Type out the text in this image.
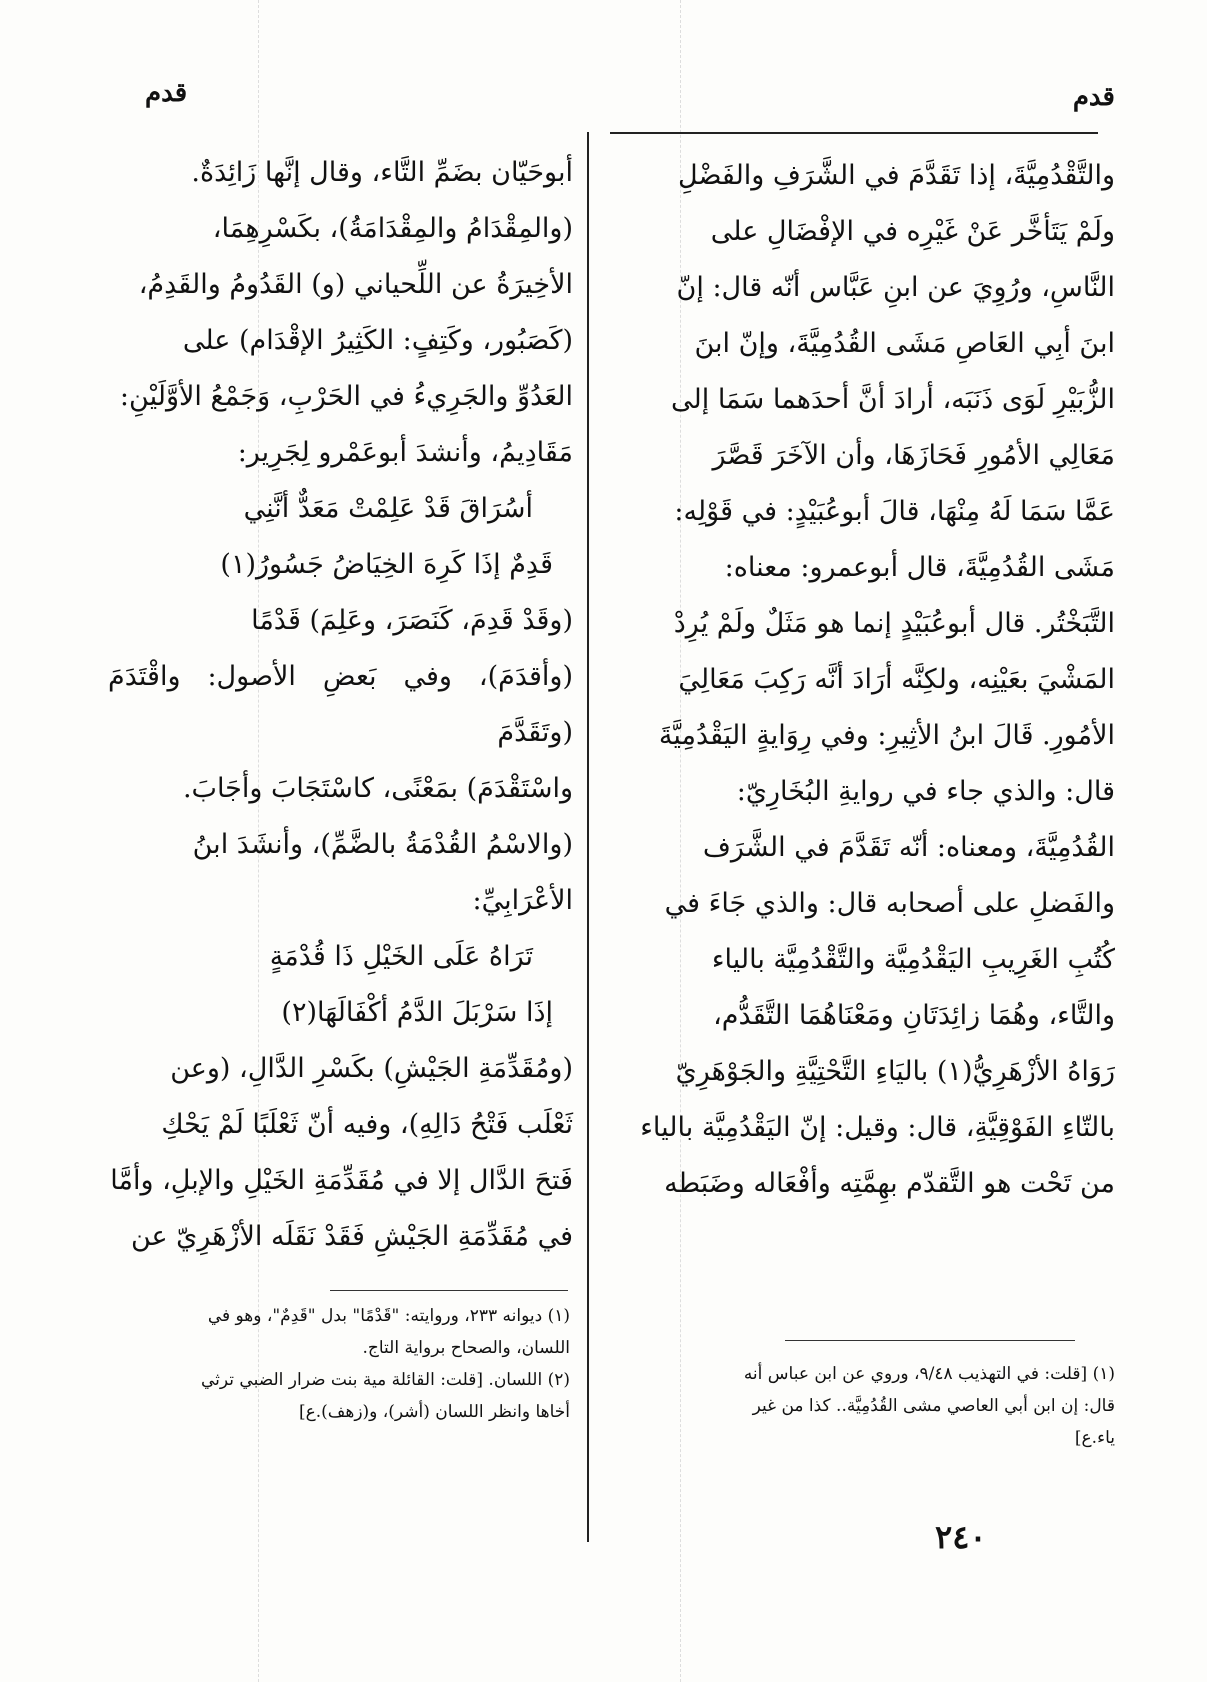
قدم
قدم

والتَّقْدُمِيَّةَ، إذا تَقَدَّمَ في الشَّرَفِ والفَضْلِ

ولَمْ يَتَأخَّر عَنْ غَيْرِه في الإفْضَالِ على

النَّاسِ، ورُوِيَ عن ابنِ عَبَّاس أنّه قال: إنّ

ابنَ أبِي العَاصِ مَشَى القُدُمِيَّةَ، وإنّ ابنَ

الزُّبَيْرِ لَوَى ذَنَبَه، أرادَ أنَّ أحدَهما سَمَا إلى

مَعَالِي الأمُورِ فَحَازَهَا، وأن الآخَرَ قَصَّرَ

عَمَّا سَمَا لَهُ مِنْهَا، قالَ أبوعُبَيْدٍ: في قَوْلِه:

مَشَى القُدُمِيَّةَ، قال أبوعمرو: معناه:

التَّبَخْتُر. قال أبوعُبَيْدٍ إنما هو مَثَلٌ ولَمْ يُرِدْ

المَشْيَ بعَيْنِه، ولكِنَّه أرَادَ أنَّه رَكِبَ مَعَالِيَ

الأمُورِ. قَالَ ابنُ الأثِيرِ: وفي رِوَايةٍ اليَقْدُمِيَّةَ

قال: والذي جاء في روايةِ البُخَارِيّ:

القُدُمِيَّةَ، ومعناه: أنّه تَقَدَّمَ في الشَّرَف

والفَضلِ على أصحابه قال: والذي جَاءَ في

كُتُبِ الغَرِيبِ اليَقْدُمِيَّة والتَّقْدُمِيَّة بالياء

والتَّاء، وهُمَا زائِدَتَانِ ومَعْنَاهُمَا التَّقَدُّم،

رَوَاهُ الأزْهَرِيُّ(١) باليَاءِ التَّحْتِيَّةِ والجَوْهَرِيّ

بالتّاءِ الفَوْقِيَّةِ، قال: وقيل: إنّ اليَقْدُمِيَّة بالياء

من تَحْت هو التَّقدّم بهِمَّتِه وأفْعَاله وضَبَطه

أبوحَيّان بضَمِّ التَّاء، وقال إنَّها زَائِدَةٌ.

(والمِقْدَامُ والمِقْدَامَةُ)، بكَسْرِهِمَا،

الأخِيرَةُ عن اللِّحياني (و) القَدُومُ والقَدِمُ،

(كَصَبُور، وكَتِفٍ: الكَثِيرُ الإقْدَام) على

العَدُوِّ والجَرِيءُ في الحَرْبِ، وَجَمْعُ الأوَّلَيْنِ:

مَقَادِيمُ، وأنشدَ أبوعَمْرو لِجَرِير:

أسُرَاقَ قَدْ عَلِمْتْ مَعَدٌّ أنَّنِي

قَدِمٌ إذَا كَرِهَ الخِيَاضُ جَسُورُ(١)

(وقَدْ قَدِمَ، كَنَصَرَ، وعَلِمَ) قَدْمًا

(وأقدَمَ)، وفي بَعضِ الأصول: واقْتَدَمَ (وتَقَدَّمَ

واسْتَقْدَمَ) بمَعْنًى، كاسْتَجَابَ وأجَابَ.

(والاسْمُ القُدْمَةُ بالضَّمِّ)، وأنشَدَ ابنُ

الأعْرَابِيِّ:

تَرَاهُ عَلَى الخَيْلِ ذَا قُدْمَةٍ

إذَا سَرْبَلَ الدَّمُ أكْفَالَهَا(٢)

(ومُقَدِّمَةِ الجَيْشِ) بكَسْرِ الدَّالِ، (وعن

ثَعْلَب فَتْحُ دَالِهِ)، وفيه أنّ ثَعْلَبًا لَمْ يَحْكِ

فَتحَ الدَّال إلا في مُقَدِّمَةِ الخَيْلِ والإبلِ، وأمَّا

في مُقَدِّمَةِ الجَيْشِ فَقَدْ نَقَلَه الأزْهَرِيّ عن

(١) [قلت: في التهذيب ٩/٤٨، وروي عن ابن عباس أنه

قال: إن ابن أبي العاصي مشى القُدُمِيَّة.. كذا من غير

ياء.ع]

(١) ديوانه ٢٣٣، وروايته: "قَدْمًا" بدل "قَدِمٌ"، وهو في

اللسان، والصحاح برواية التاج.

(٢) اللسان. [قلت: القائلة مية بنت ضرار الضبي ترثي

أخاها وانظر اللسان (أشر)، و(زهف).ع]

٢٤٠
